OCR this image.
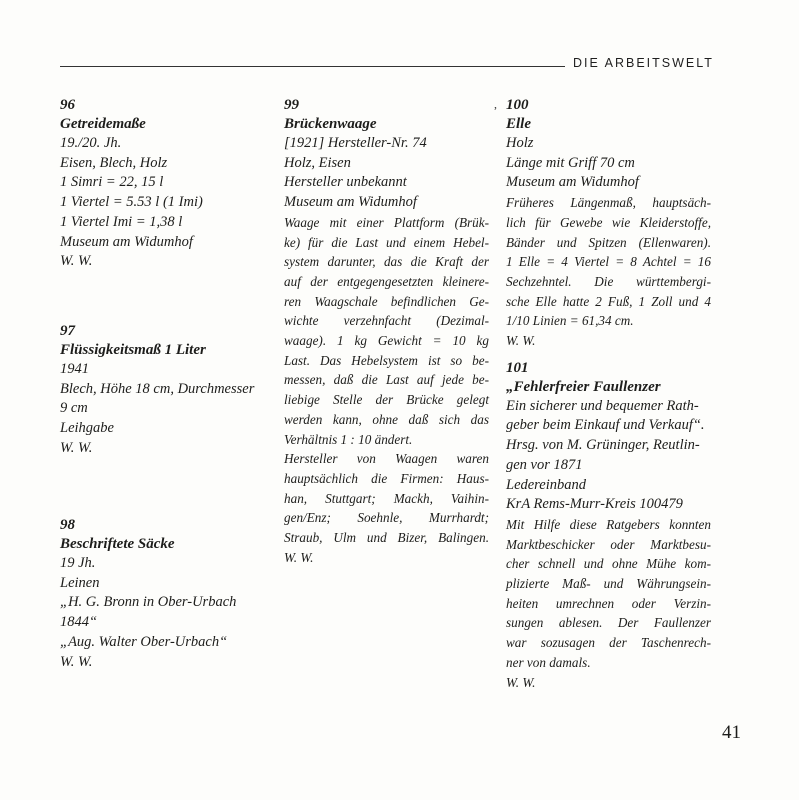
DIE ARBEITSWELT
,
96
Getreidemaße
19./20. Jh.
Eisen, Blech, Holz
1 Simri = 22, 15 l
1 Viertel = 5.53 l (1 Imi)
1 Viertel Imi = 1,38 l
Museum am Widumhof
W. W.
97
Flüssigkeitsmaß 1 Liter
1941
Blech, Höhe 18 cm, Durchmesser
9 cm
Leihgabe
W. W.
98
Beschriftete Säcke
19 Jh.
Leinen
„H. G. Bronn in Ober-Urbach
1844“
„Aug. Walter Ober-Urbach“
W. W.
99
Brückenwaage
[1921] Hersteller-Nr. 74
Holz, Eisen
Hersteller unbekannt
Museum am Widumhof
Waage mit einer Plattform (Brük-
ke) für die Last und einem Hebel-
system darunter, das die Kraft der
auf der entgegengesetzten kleinere-
ren Waagschale befindlichen Ge-
wichte verzehnfacht (Dezimal-
waage). 1 kg Gewicht = 10 kg
Last. Das Hebelsystem ist so be-
messen, daß die Last auf jede be-
liebige Stelle der Brücke gelegt
werden kann, ohne daß sich das
Verhältnis 1 : 10 ändert.
Hersteller von Waagen waren
hauptsächlich die Firmen: Haus-
han, Stuttgart; Mackh, Vaihin-
gen/Enz; Soehnle, Murrhardt;
Straub, Ulm und Bizer, Balingen.
W. W.
100
Elle
Holz
Länge mit Griff 70 cm
Museum am Widumhof
Früheres Längenmaß, hauptsäch-
lich für Gewebe wie Kleiderstoffe,
Bänder und Spitzen (Ellenwaren).
1 Elle = 4 Viertel = 8 Achtel = 16
Sechzehntel. Die württembergi-
sche Elle hatte 2 Fuß, 1 Zoll und 4
1/10 Linien = 61,34 cm.
W. W.
101
„Fehlerfreier Faullenzer
Ein sicherer und bequemer Rath-
geber beim Einkauf und Verkauf“.
Hrsg. von M. Grüninger, Reutlin-
gen vor 1871
Ledereinband
KrA Rems-Murr-Kreis 100479
Mit Hilfe diese Ratgebers konnten
Marktbeschicker oder Marktbesu-
cher schnell und ohne Mühe kom-
plizierte Maß- und Währungsein-
heiten umrechnen oder Verzin-
sungen ablesen. Der Faullenzer
war sozusagen der Taschenrech-
ner von damals.
W. W.
41
